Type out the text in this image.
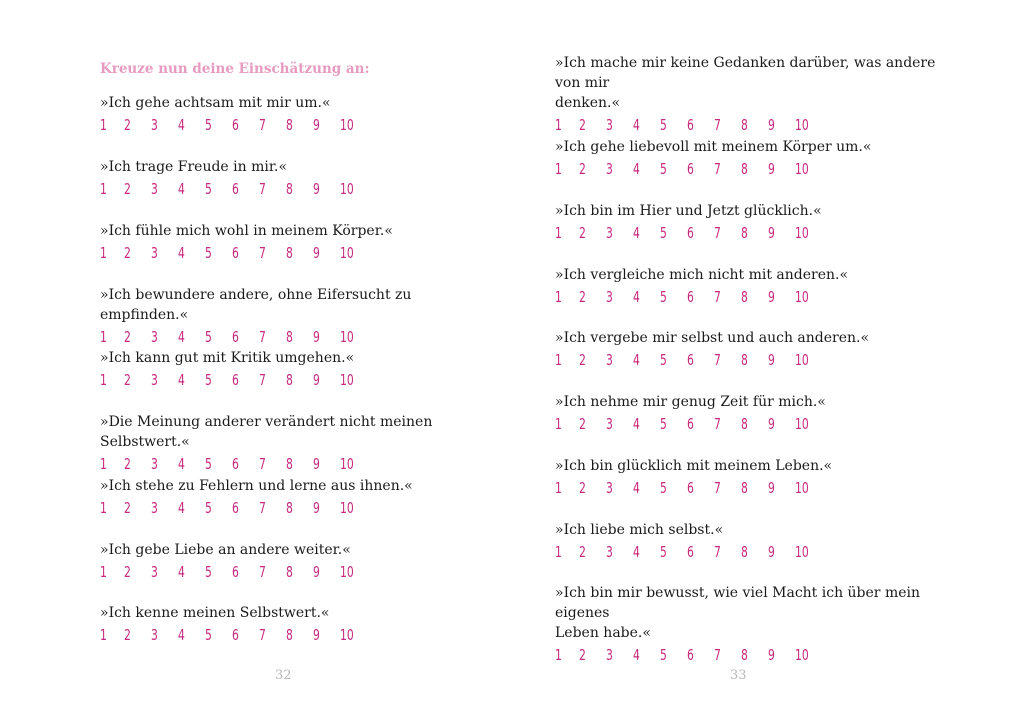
Kreuze nun deine Einschätzung an:
»Ich gehe achtsam mit mir um.«
1 2 3 4 5 6 7 8 9 10
»Ich trage Freude in mir.«
1 2 3 4 5 6 7 8 9 10
»Ich fühle mich wohl in meinem Körper.«
1 2 3 4 5 6 7 8 9 10
»Ich bewundere andere, ohne Eifersucht zu empfinden.«
1 2 3 4 5 6 7 8 9 10
»Ich kann gut mit Kritik umgehen.«
1 2 3 4 5 6 7 8 9 10
»Die Meinung anderer verändert nicht meinen Selbstwert.«
1 2 3 4 5 6 7 8 9 10
»Ich stehe zu Fehlern und lerne aus ihnen.«
1 2 3 4 5 6 7 8 9 10
»Ich gebe Liebe an andere weiter.«
1 2 3 4 5 6 7 8 9 10
»Ich kenne meinen Selbstwert.«
1 2 3 4 5 6 7 8 9 10
32
»Ich mache mir keine Gedanken darüber, was andere von mir
denken.«
1 2 3 4 5 6 7 8 9 10
»Ich gehe liebevoll mit meinem Körper um.«
1 2 3 4 5 6 7 8 9 10
»Ich bin im Hier und Jetzt glücklich.«
1 2 3 4 5 6 7 8 9 10
»Ich vergleiche mich nicht mit anderen.«
1 2 3 4 5 6 7 8 9 10
»Ich vergebe mir selbst und auch anderen.«
1 2 3 4 5 6 7 8 9 10
»Ich nehme mir genug Zeit für mich.«
1 2 3 4 5 6 7 8 9 10
»Ich bin glücklich mit meinem Leben.«
1 2 3 4 5 6 7 8 9 10
»Ich liebe mich selbst.«
1 2 3 4 5 6 7 8 9 10
»Ich bin mir bewusst, wie viel Macht ich über mein eigenes
Leben habe.«
1 2 3 4 5 6 7 8 9 10
33
